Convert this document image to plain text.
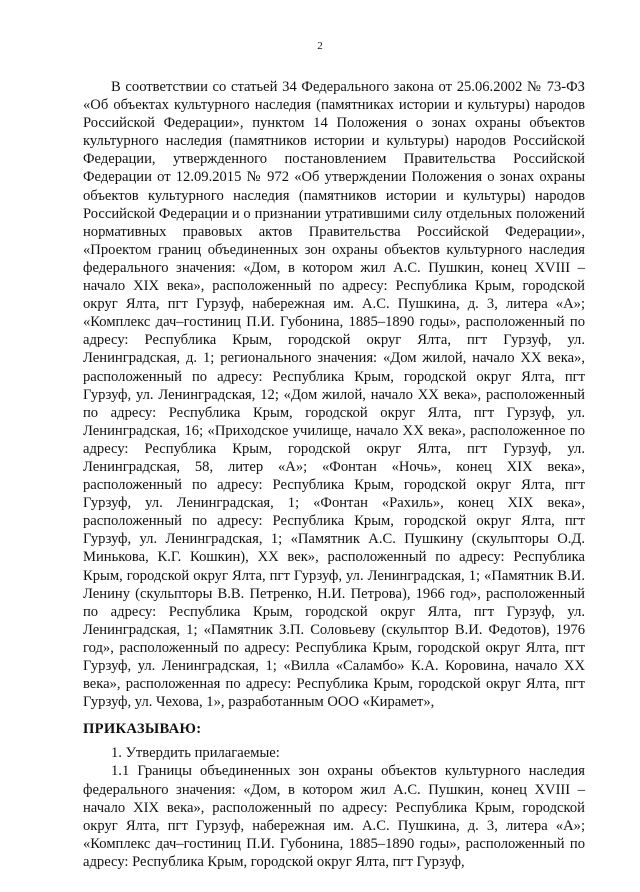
2

В соответствии со статьей 34 Федерального закона от 25.06.2002 № 73-ФЗ «Об объектах культурного наследия (памятниках истории и культуры) народов Российской Федерации», пунктом 14 Положения о зонах охраны объектов культурного наследия (памятников истории и культуры) народов Российской Федерации, утвержденного постановлением Правительства Российской Федерации от 12.09.2015 № 972 «Об утверждении Положения о зонах охраны объектов культурного наследия (памятников истории и культуры) народов Российской Федерации и о признании утратившими силу отдельных положений нормативных правовых актов Правительства Российской Федерации», «Проектом границ объединенных зон охраны объектов культурного наследия федерального значения: «Дом, в котором жил А.С. Пушкин, конец XVIII – начало XIX века», расположенный по адресу: Республика Крым, городской округ Ялта, пгт Гурзуф, набережная им. А.С. Пушкина, д. 3, литера «А»; «Комплекс дач–гостиниц П.И. Губонина, 1885–1890 годы», расположенный по адресу: Республика Крым, городской округ Ялта, пгт Гурзуф, ул. Ленинградская, д. 1; регионального значения: «Дом жилой, начало XX века», расположенный по адресу: Республика Крым, городской округ Ялта, пгт Гурзуф, ул. Ленинградская, 12; «Дом жилой, начало XX века», расположенный по адресу: Республика Крым, городской округ Ялта, пгт Гурзуф, ул. Ленинградская, 16; «Приходское училище, начало XX века», расположенное по адресу: Республика Крым, городской округ Ялта, пгт Гурзуф, ул. Ленинградская, 58, литер «А»; «Фонтан «Ночь», конец XIX века», расположенный по адресу: Республика Крым, городской округ Ялта, пгт Гурзуф, ул. Ленинградская, 1; «Фонтан «Рахиль», конец XIX века», расположенный по адресу: Республика Крым, городской округ Ялта, пгт Гурзуф, ул. Ленинградская, 1; «Памятник А.С. Пушкину (скульпторы О.Д. Минькова, К.Г. Кошкин), XX век», расположенный по адресу: Республика Крым, городской округ Ялта, пгт Гурзуф, ул. Ленинградская, 1; «Памятник В.И. Ленину (скульпторы В.В. Петренко, Н.И. Петрова), 1966 год», расположенный по адресу: Республика Крым, городской округ Ялта, пгт Гурзуф, ул. Ленинградская, 1; «Памятник З.П. Соловьеву (скульптор В.И. Федотов), 1976 год», расположенный по адресу: Республика Крым, городской округ Ялта, пгт Гурзуф, ул. Ленинградская, 1; «Вилла «Саламбо» К.А. Коровина, начало XX века», расположенная по адресу: Республика Крым, городской округ Ялта, пгт Гурзуф, ул. Чехова, 1», разработанным ООО «Кирамет»,

ПРИКАЗЫВАЮ:

1. Утвердить прилагаемые:

1.1 Границы объединенных зон охраны объектов культурного наследия федерального значения: «Дом, в котором жил А.С. Пушкин, конец XVIII – начало XIX века», расположенный по адресу: Республика Крым, городской округ Ялта, пгт Гурзуф, набережная им. А.С. Пушкина, д. 3, литера «А»; «Комплекс дач–гостиниц П.И. Губонина, 1885–1890 годы», расположенный по адресу: Республика Крым, городской округ Ялта, пгт Гурзуф,
